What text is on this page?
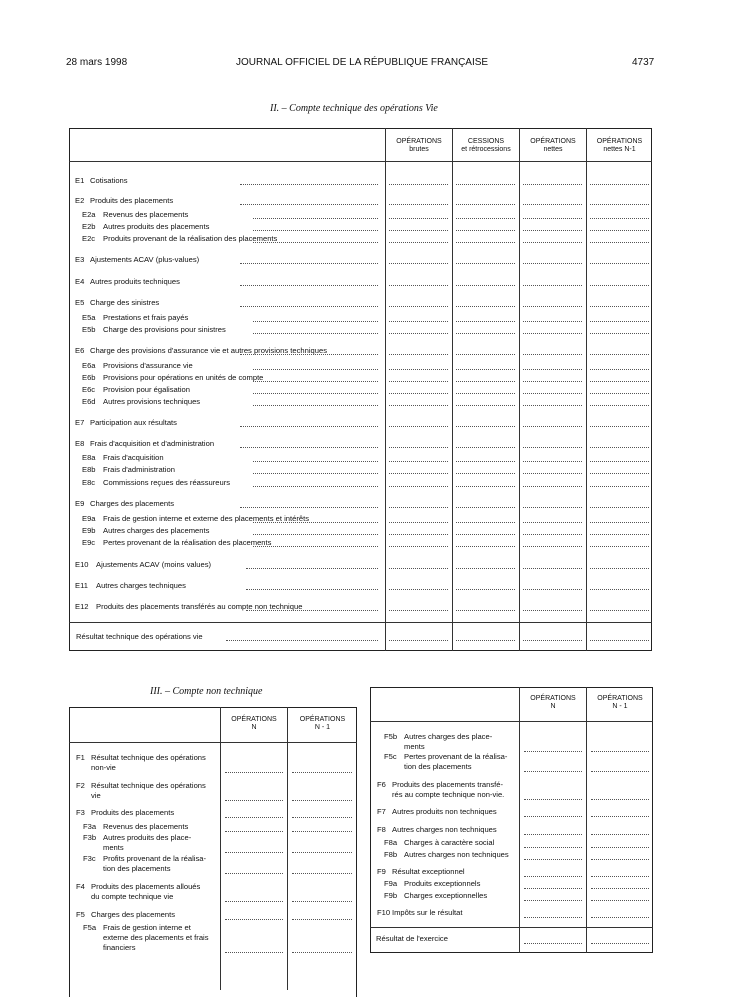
28 mars 1998	JOURNAL OFFICIEL DE LA RÉPUBLIQUE FRANÇAISE	4737
II. – Compte technique des opérations Vie
OPÉRATIONS
brutes
CESSIONS
et rétrocessions
OPÉRATIONS
nettes
OPÉRATIONS
nettes N-1
E1 Cotisations
E2 Produits des placements
E2a Revenus des placements
E2b Autres produits des placements
E2c Produits provenant de la réalisation des placements
E3 Ajustements ACAV (plus-values)
E4 Autres produits techniques
E5 Charge des sinistres
E5a Prestations et frais payés
E5b Charge des provisions pour sinistres
E6 Charge des provisions d'assurance vie et autres provisions techniques
E6a Provisions d'assurance vie
E6b Provisions pour opérations en unités de compte
E6c Provision pour égalisation
E6d Autres provisions techniques
E7 Participation aux résultats
E8 Frais d'acquisition et d'administration
E8a Frais d'acquisition
E8b Frais d'administration
E8c Commissions reçues des réassureurs
E9 Charges des placements
E9a Frais de gestion interne et externe des placements et intérêts
E9b Autres charges des placements
E9c Pertes provenant de la réalisation des placements
E10 Ajustements ACAV (moins values)
E11 Autres charges techniques
E12 Produits des placements transférés au compte non technique
Résultat technique des opérations vie
III. – Compte non technique
OPÉRATIONS
N
OPÉRATIONS
N - 1
F1 Résultat technique des opérations
non-vie
F2 Résultat technique des opérations
vie
F3 Produits des placements
F3a Revenus des placements
F3b Autres produits des place-
ments
F3c Profits provenant de la réalisa-
tion des placements
F4 Produits des placements alloués
du compte technique vie
F5 Charges des placements
F5a Frais de gestion interne et
externe des placements et frais
financiers
OPÉRATIONS
N
OPÉRATIONS
N - 1
F5b Autres charges des place-
ments
F5c Pertes provenant de la réalisa-
tion des placements
F6 Produits des placements transfé-
rés au compte technique non-vie.
F7 Autres produits non techniques
F8 Autres charges non techniques
F8a Charges à caractère social
F8b Autres charges non techniques
F9 Résultat exceptionnel
F9a Produits exceptionnels
F9b Charges exceptionnelles
F10 Impôts sur le résultat
Résultat de l'exercice
